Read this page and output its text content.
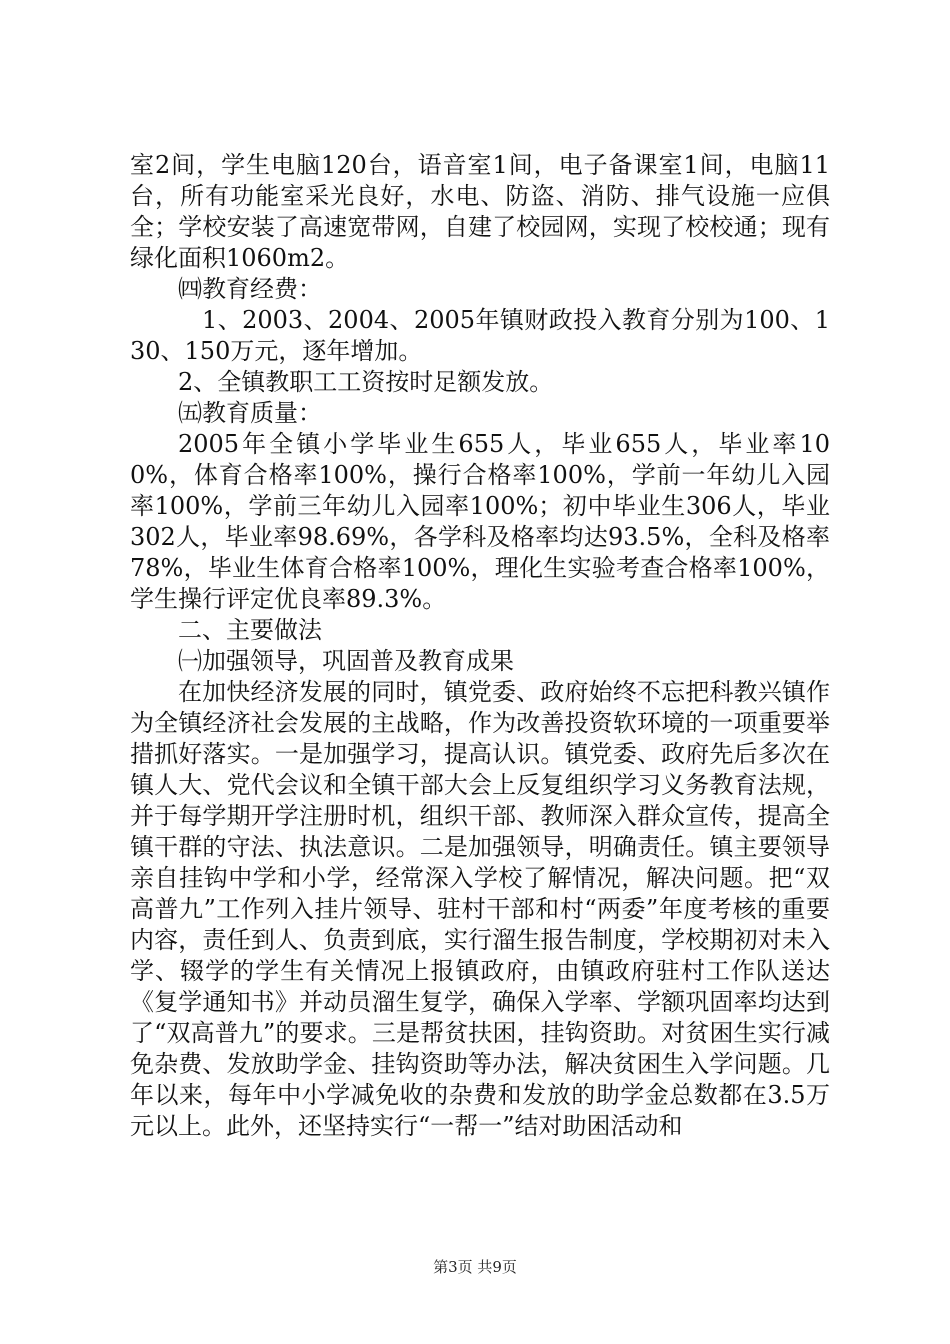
室2间，学生电脑120台，语音室1间，电子备课室1间，电脑11台，所有功能室采光良好，水电、防盗、消防、排气设施一应俱全；学校安装了高速宽带网，自建了校园网，实现了校校通；现有绿化面积1060m2。

㈣教育经费：

1、2003、2004、2005年镇财政投入教育分别为100、130、150万元，逐年增加。

2、全镇教职工工资按时足额发放。

㈤教育质量：

2005年全镇小学毕业生655人，毕业655人，毕业率100%，体育合格率100%，操行合格率100%，学前一年幼儿入园率100%，学前三年幼儿入园率100%；初中毕业生306人，毕业302人，毕业率98.69%，各学科及格率均达93.5%，全科及格率78%，毕业生体育合格率100%，理化生实验考查合格率100%，学生操行评定优良率89.3%。

二、主要做法

㈠加强领导，巩固普及教育成果

在加快经济发展的同时，镇党委、政府始终不忘把科教兴镇作为全镇经济社会发展的主战略，作为改善投资软环境的一项重要举措抓好落实。一是加强学习，提高认识。镇党委、政府先后多次在镇人大、党代会议和全镇干部大会上反复组织学习义务教育法规，并于每学期开学注册时机，组织干部、教师深入群众宣传，提高全镇干群的守法、执法意识。二是加强领导，明确责任。镇主要领导亲自挂钩中学和小学，经常深入学校了解情况，解决问题。把“双高普九”工作列入挂片领导、驻村干部和村“两委”年度考核的重要内容，责任到人、负责到底，实行溜生报告制度，学校期初对未入学、辍学的学生有关情况上报镇政府，由镇政府驻村工作队送达《复学通知书》并动员溜生复学，确保入学率、学额巩固率均达到了“双高普九”的要求。三是帮贫扶困，挂钩资助。对贫困生实行减免杂费、发放助学金、挂钩资助等办法，解决贫困生入学问题。几年以来，每年中小学减免收的杂费和发放的助学金总数都在3.5万元以上。此外，还坚持实行“一帮一”结对助困活动和

第3页 共9页
